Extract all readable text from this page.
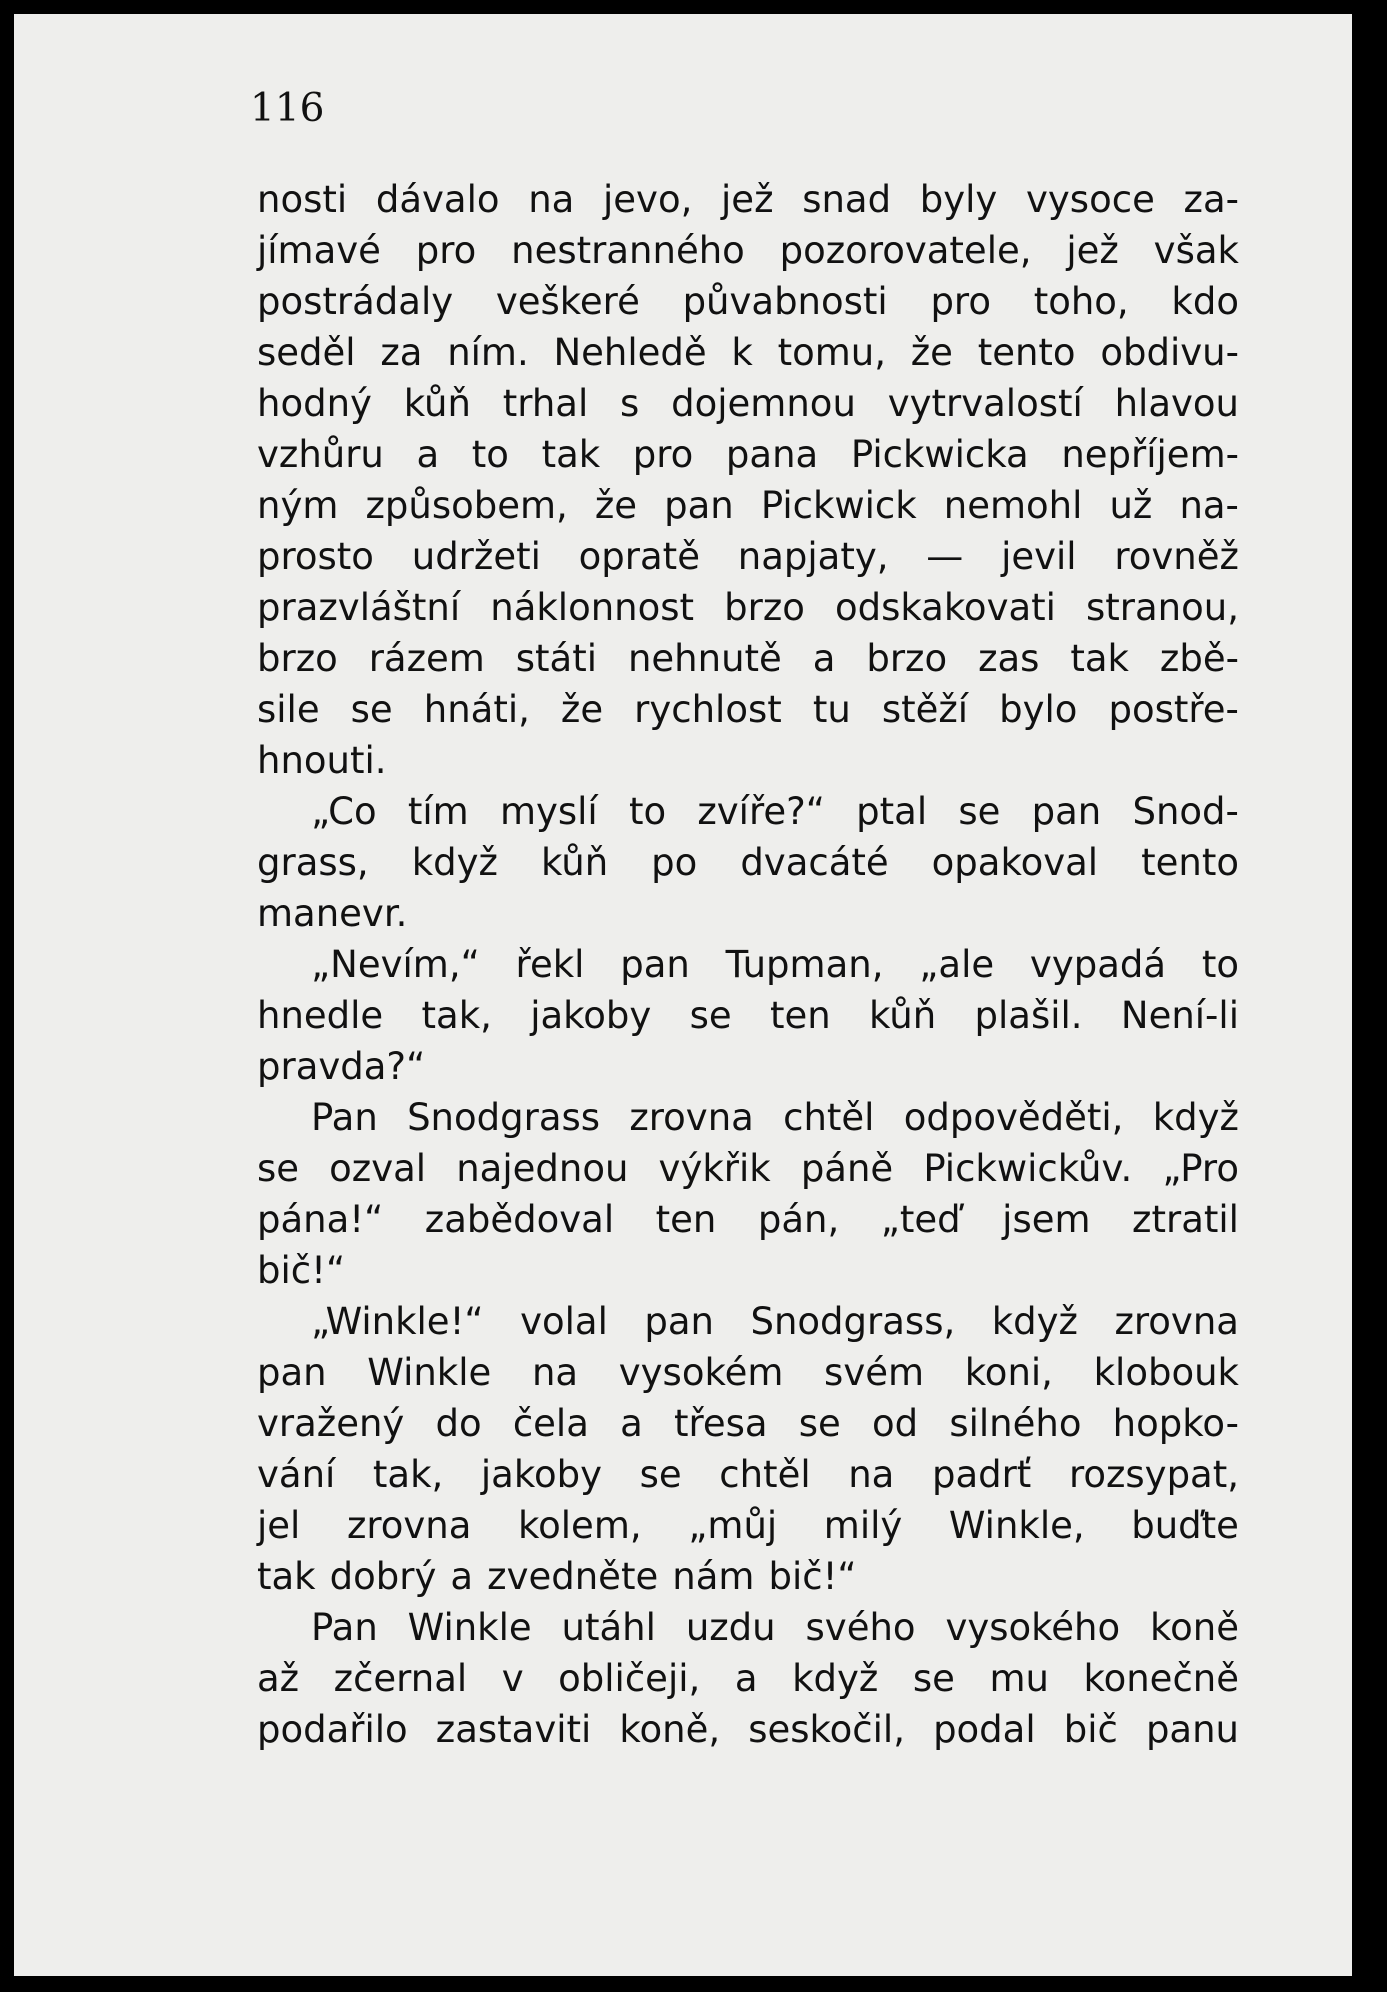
116

nosti dávalo na jevo, jež snad byly vysoce za-
jímavé pro nestranného pozorovatele, jež však
postrádaly veškeré půvabnosti pro toho, kdo
seděl za ním. Nehledě k tomu, že tento obdivu-
hodný kůň trhal s dojemnou vytrvalostí hlavou
vzhůru a to tak pro pana Pickwicka nepříjem-
ným způsobem, že pan Pickwick nemohl už na-
prosto udržeti opratě napjaty, — jevil rovněž
prazvláštní náklonnost brzo odskakovati stranou,
brzo rázem státi nehnutě a brzo zas tak zbě-
sile se hnáti, že rychlost tu stěží bylo postře-
hnouti.
„Co tím myslí to zvíře?“ ptal se pan Snod-
grass, když kůň po dvacáté opakoval tento
manevr.
„Nevím,“ řekl pan Tupman, „ale vypadá to
hnedle tak, jakoby se ten kůň plašil. Není-li
pravda?“
Pan Snodgrass zrovna chtěl odpověděti, když
se ozval najednou výkřik páně Pickwickův. „Pro
pána!“ zabědoval ten pán, „teď jsem ztratil
bič!“
„Winkle!“ volal pan Snodgrass, když zrovna
pan Winkle na vysokém svém koni, klobouk
vražený do čela a třesa se od silného hopko-
vání tak, jakoby se chtěl na padrť rozsypat,
jel zrovna kolem, „můj milý Winkle, buďte
tak dobrý a zvedněte nám bič!“
Pan Winkle utáhl uzdu svého vysokého koně
až zčernal v obličeji, a když se mu konečně
podařilo zastaviti koně, seskočil, podal bič panu
